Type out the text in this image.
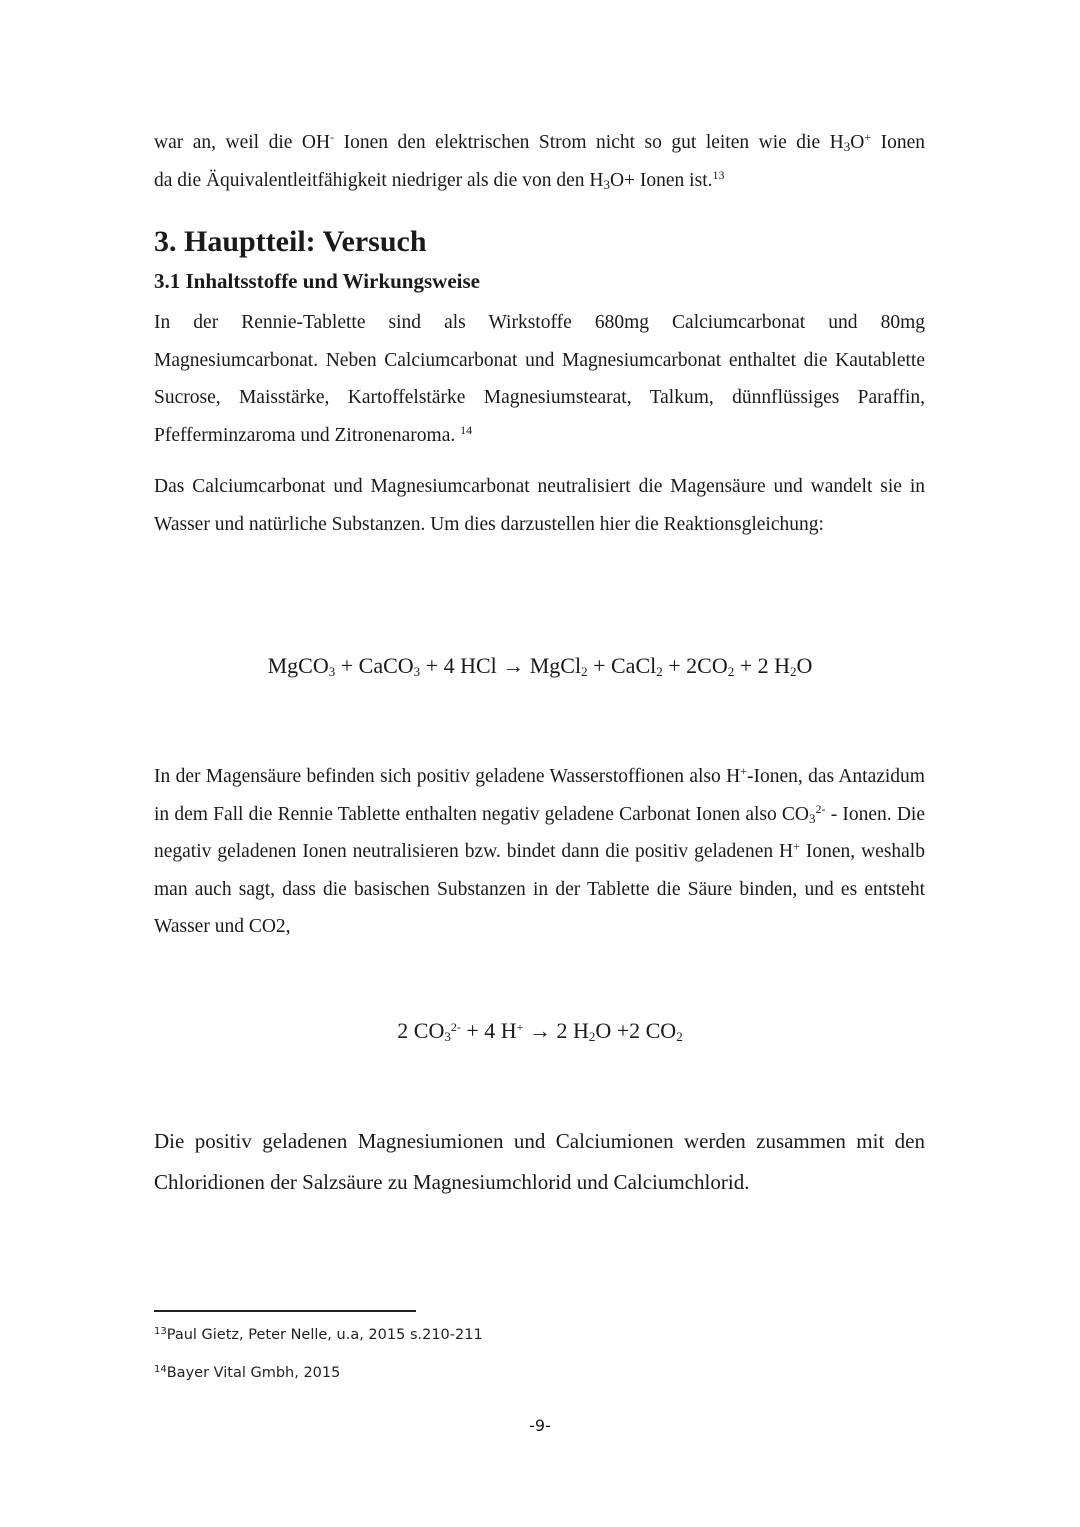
war an, weil die OH- Ionen den elektrischen Strom nicht so gut leiten wie die $H_3O^+$ Ionen
da die Äquivalentleitfähigkeit niedriger als die von den $H_3O+$ Ionen ist.$^{13}$
3. Hauptteil: Versuch
3.1 Inhaltsstoffe und Wirkungsweise
In der Rennie-Tablette sind als Wirkstoffe 680mg Calciumcarbonat und 80mg Magnesiumcarbonat. Neben Calciumcarbonat und Magnesiumcarbonat enthaltet die Kautablette Sucrose, Maisstärke, Kartoffelstärke Magnesiumstearat, Talkum, dünnflüssiges Paraffin, Pfefferminzaroma und Zitronenaroma. $^{14}$
Das Calciumcarbonat und Magnesiumcarbonat neutralisiert die Magensäure und wandelt sie in Wasser und natürliche Substanzen. Um dies darzustellen hier die Reaktionsgleichung:
MgCO$_3$ + CaCO$_3$ + 4 HCl → MgCl$_2$ + CaCl$_2$ + $2CO_2 + 2$ $H_2O$
In der Magensäure befinden sich positiv geladene Wasserstoffionen also H+-Ionen, das Antazidum in dem Fall die Rennie Tablette enthalten negativ geladene Carbonat Ionen also $CO_3^{2-}$ - Ionen. Die negativ geladenen Ionen neutralisieren bzw. bindet dann die positiv geladenen H+ Ionen, weshalb man auch sagt, dass die basischen Substanzen in der Tablette die Säure binden, und es entsteht Wasser und CO2,
2 $CO_3^{2-} + 4$ H+ → 2 $H_2O +2$ $CO_2$
Die positiv geladenen Magnesiumionen und Calciumionen werden zusammen mit den Chloridionen der Salzsäure zu Magnesiumchlorid und Calciumchlorid.
$^{13}$Paul Gietz, Peter Nelle, u.a, 2015 s.210-211
$^{14}$Bayer Vital Gmbh, 2015
-9-
